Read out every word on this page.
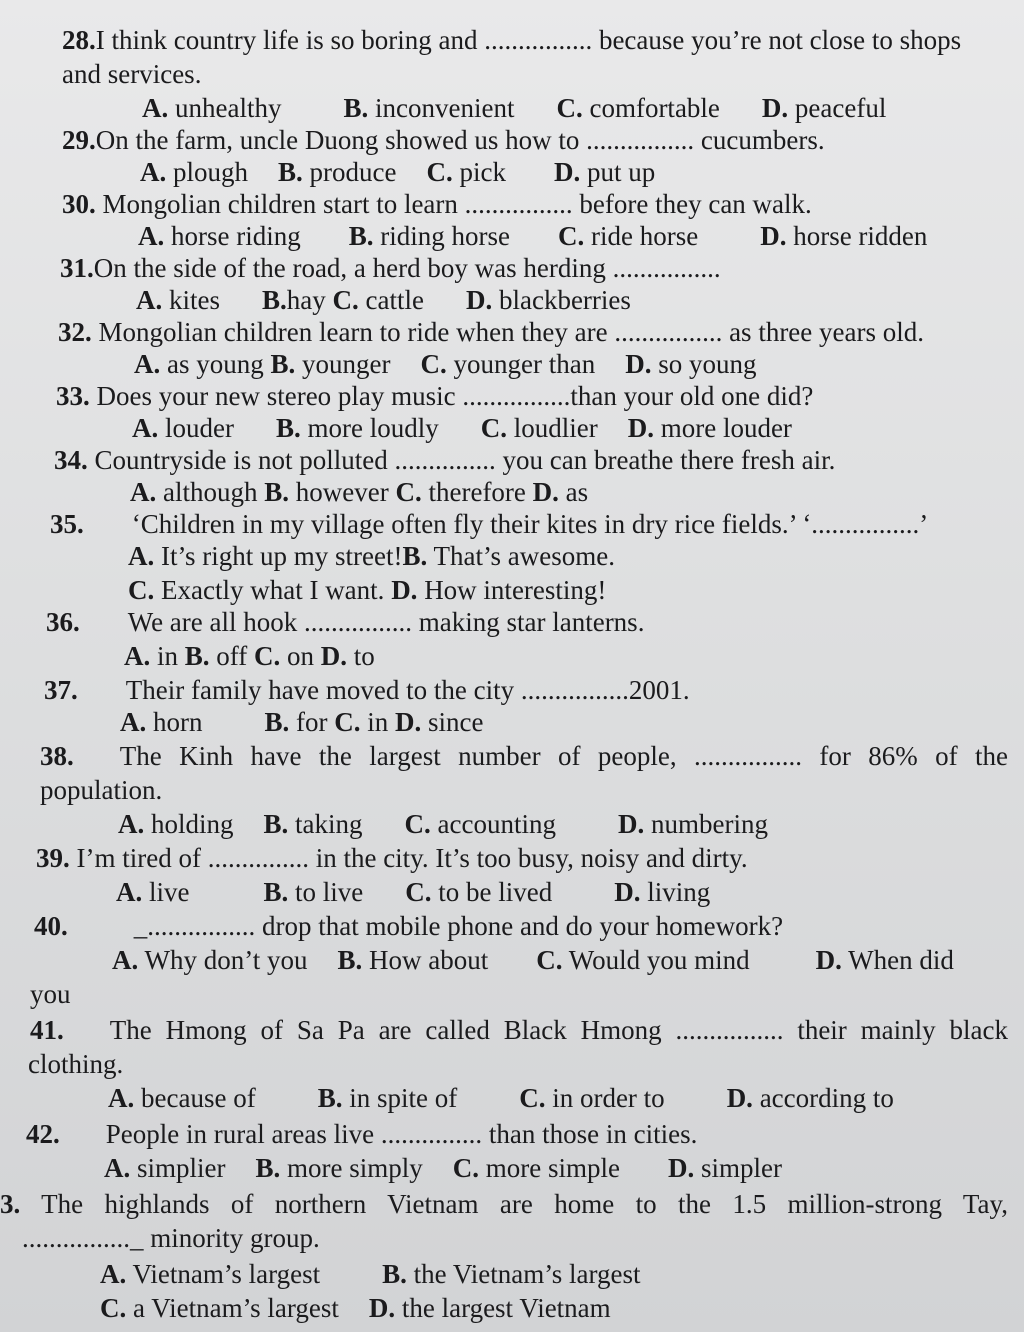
28.I think country life is so boring and ................ because you’re not close to shops
and services.
A. unhealthy B. inconvenient C. comfortable D. peaceful
29.On the farm, uncle Duong showed us how to ................ cucumbers.
A. plough B. produce C. pick D. put up
30. Mongolian children start to learn ................ before they can walk.
A. horse riding B. riding horse C. ride horse D. horse ridden
31.On the side of the road, a herd boy was herding ................
A. kites B.hay C. cattle D. blackberries
32. Mongolian children learn to ride when they are ................ as three years old.
A. as young B. younger C. younger than D. so young
33. Does your new stereo play music ................than your old one did?
A. louder B. more loudly C. loudlier D. more louder
34. Countryside is not polluted ............... you can breathe there fresh air.
A. although B. however C. therefore D. as
35. ‘Children in my village often fly their kites in dry rice fields.’ ‘................’
A. It’s right up my street!B. That’s awesome.
C. Exactly what I want. D. How interesting!
36. We are all hook ................ making star lanterns.
A. in B. off C. on D. to
37. Their family have moved to the city ................2001.
A. horn B. for C. in D. since
38. The Kinh have the largest number of people, ................ for 86% of the
population.
A. holding B. taking C. accounting D. numbering
39. I’m tired of ............... in the city. It’s too busy, noisy and dirty.
A. live	B. to live C. to be lived D. living
40. _................ drop that mobile phone and do your homework?
A. Why don’t you B. How about C. Would you mind D. When did
you
41. The Hmong of Sa Pa are called Black Hmong ................ their mainly black
clothing.
A. because of B. in spite of C. in order to D. according to
42. People in rural areas live ............... than those in cities.
A. simplier B. more simply C. more simple D. simpler
3. The highlands of northern Vietnam are home to the 1.5 million-strong Tay,
................_ minority group.
A. Vietnam’s largest B. the Vietnam’s largest
C. a Vietnam’s largest D. the largest Vietnam
